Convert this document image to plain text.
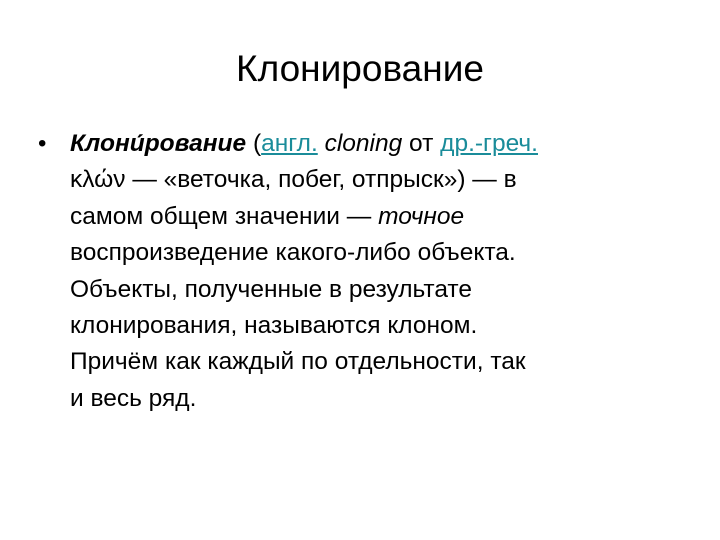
Клонирование
• Клони́рование (англ. cloning от др.-греч.
κλών — «веточка, побег, отпрыск») — в
самом общем значении — точное
воспроизведение какого-либо объекта.
Объекты, полученные в результате
клонирования, называются клоном.
Причём как каждый по отдельности, так
и весь ряд.
